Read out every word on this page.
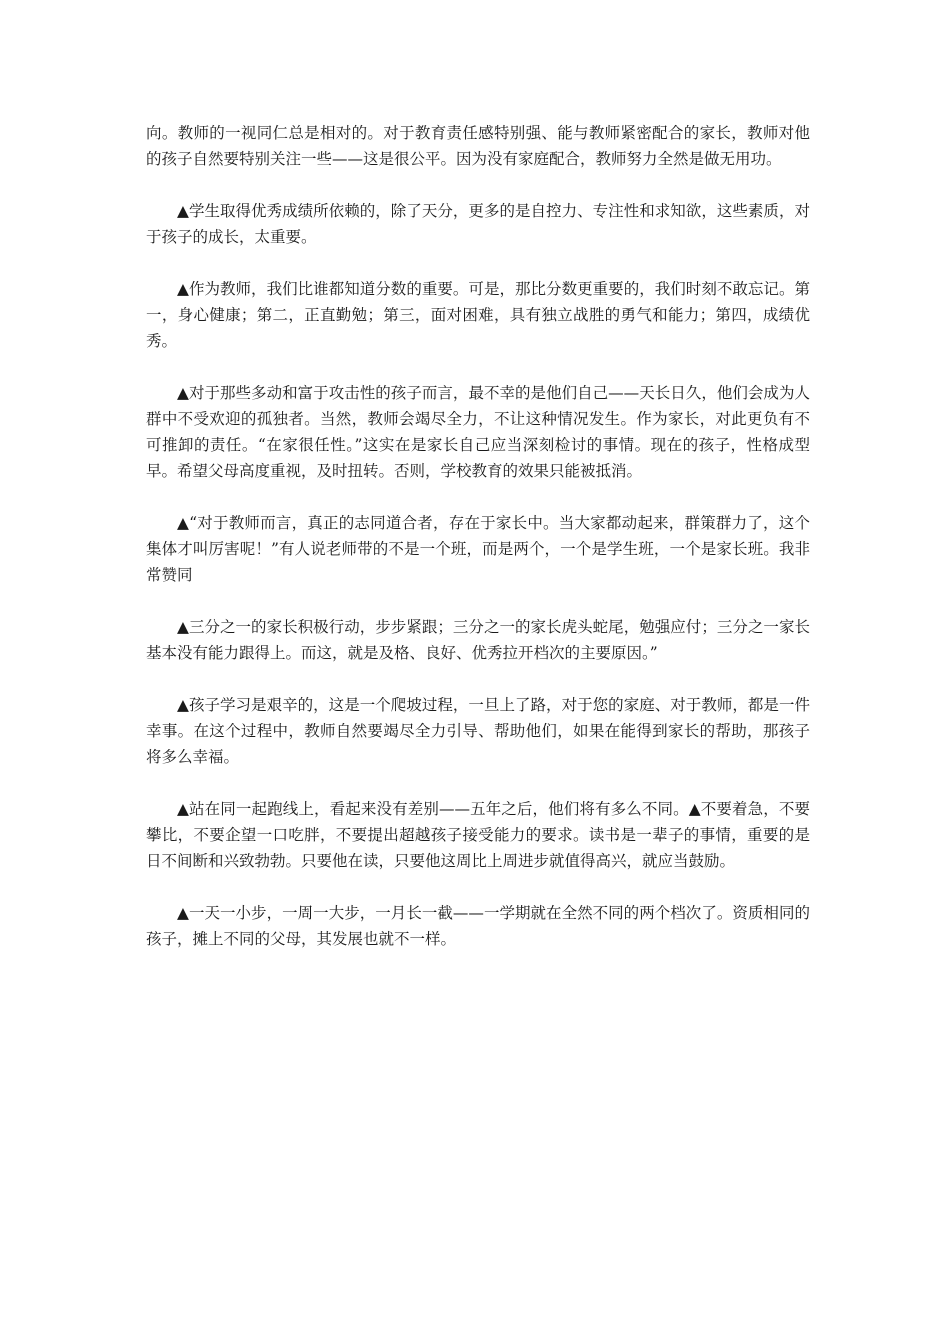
向。教师的一视同仁总是相对的。对于教育责任感特别强、能与教师紧密配合的家长，教师对他的孩子自然要特别关注一些——这是很公平。因为没有家庭配合，教师努力全然是做无用功。

▲学生取得优秀成绩所依赖的，除了天分，更多的是自控力、专注性和求知欲，这些素质，对于孩子的成长，太重要。

▲作为教师，我们比谁都知道分数的重要。可是，那比分数更重要的，我们时刻不敢忘记。第一，身心健康；第二，正直勤勉；第三，面对困难，具有独立战胜的勇气和能力；第四，成绩优秀。

▲对于那些多动和富于攻击性的孩子而言，最不幸的是他们自己——天长日久，他们会成为人群中不受欢迎的孤独者。当然，教师会竭尽全力，不让这种情况发生。作为家长，对此更负有不可推卸的责任。“在家很任性。”这实在是家长自己应当深刻检讨的事情。现在的孩子，性格成型早。希望父母高度重视，及时扭转。否则，学校教育的效果只能被抵消。

▲“对于教师而言，真正的志同道合者，存在于家长中。当大家都动起来，群策群力了，这个集体才叫厉害呢！”有人说老师带的不是一个班，而是两个，一个是学生班，一个是家长班。我非常赞同

▲三分之一的家长积极行动，步步紧跟；三分之一的家长虎头蛇尾，勉强应付；三分之一家长基本没有能力跟得上。而这，就是及格、良好、优秀拉开档次的主要原因。”

▲孩子学习是艰辛的，这是一个爬坡过程，一旦上了路，对于您的家庭、对于教师，都是一件幸事。在这个过程中，教师自然要竭尽全力引导、帮助他们，如果在能得到家长的帮助，那孩子将多么幸福。

▲站在同一起跑线上，看起来没有差别——五年之后，他们将有多么不同。▲不要着急，不要攀比，不要企望一口吃胖，不要提出超越孩子接受能力的要求。读书是一辈子的事情，重要的是日不间断和兴致勃勃。只要他在读，只要他这周比上周进步就值得高兴，就应当鼓励。

▲一天一小步，一周一大步，一月长一截——一学期就在全然不同的两个档次了。资质相同的孩子，摊上不同的父母，其发展也就不一样。
